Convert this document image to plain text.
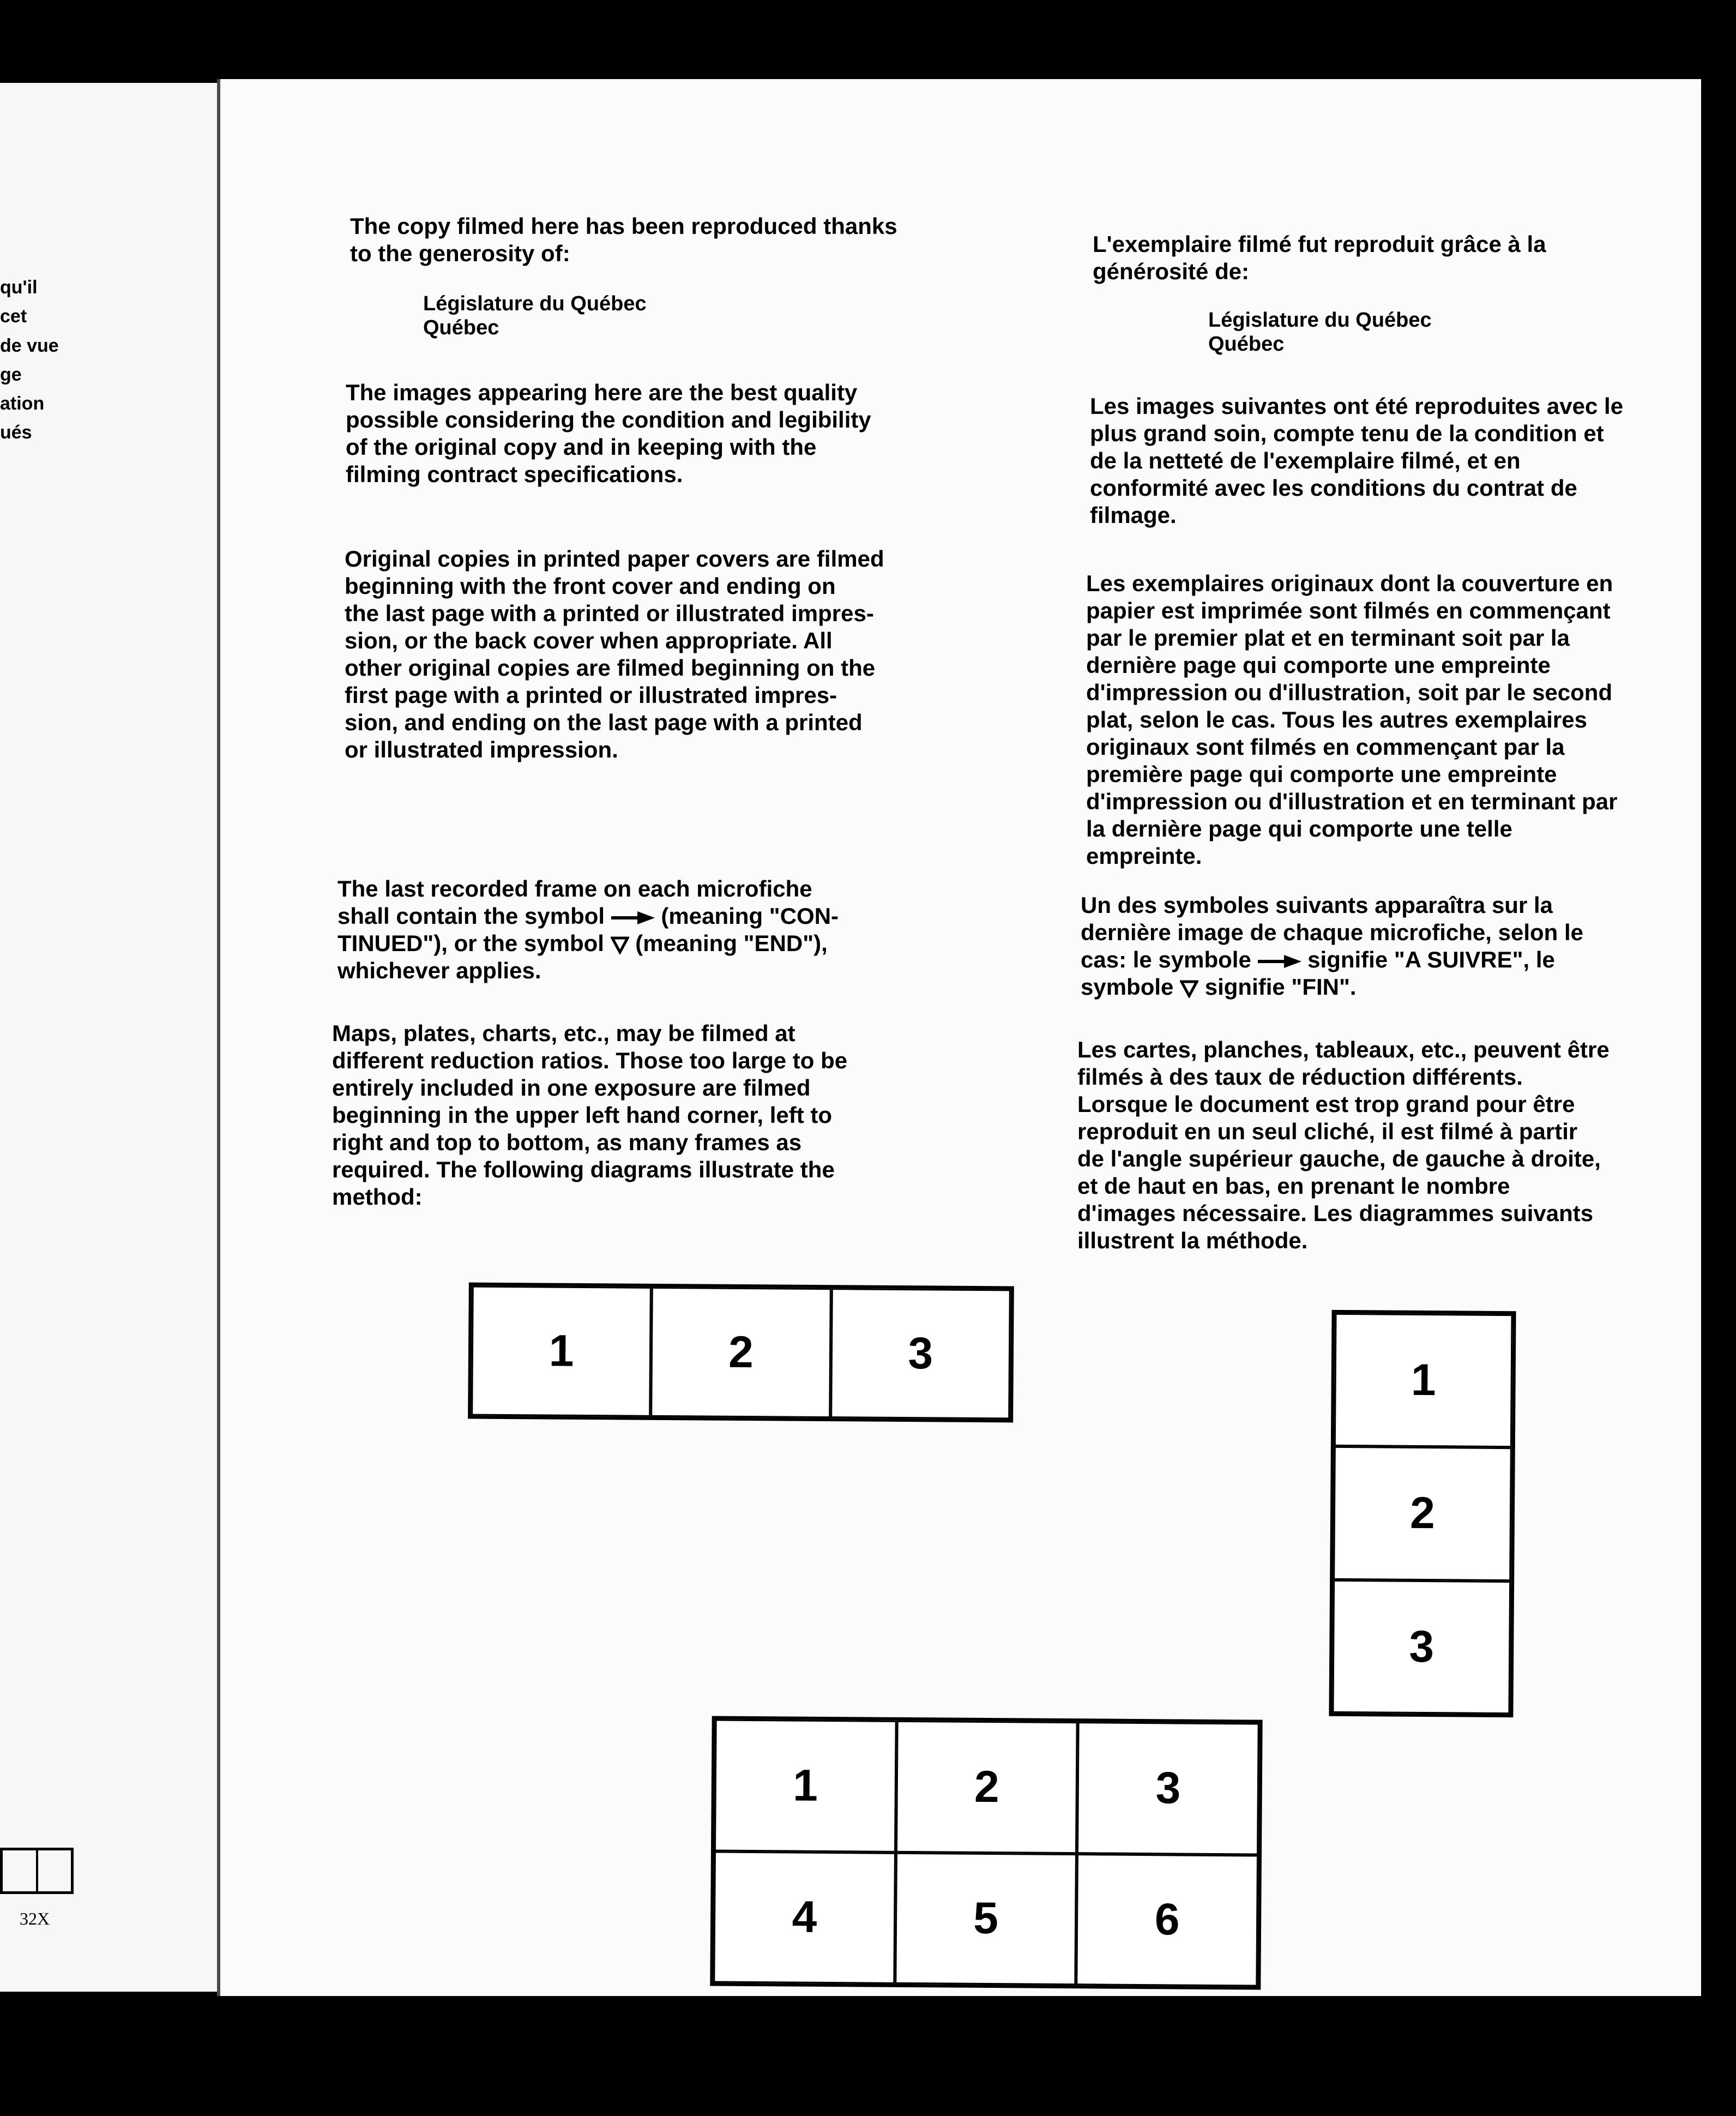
qu'il
cet
de vue
ge
ation
ués
32X

The copy filmed here has been reproduced thanks
to the generosity of:

Législature du Québec
Québec

The images appearing here are the best quality
possible considering the condition and legibility
of the original copy and in keeping with the
filming contract specifications.

Original copies in printed paper covers are filmed
beginning with the front cover and ending on
the last page with a printed or illustrated impres-
sion, or the back cover when appropriate. All
other original copies are filmed beginning on the
first page with a printed or illustrated impres-
sion, and ending on the last page with a printed
or illustrated impression.

The last recorded frame on each microfiche
shall contain the symbol  (meaning "CON-
TINUED"), or the symbol  (meaning "END"),
whichever applies.

Maps, plates, charts, etc., may be filmed at
different reduction ratios. Those too large to be
entirely included in one exposure are filmed
beginning in the upper left hand corner, left to
right and top to bottom, as many frames as
required. The following diagrams illustrate the
method:

L'exemplaire filmé fut reproduit grâce à la
générosité de:

Législature du Québec
Québec

Les images suivantes ont été reproduites avec le
plus grand soin, compte tenu de la condition et
de la netteté de l'exemplaire filmé, et en
conformité avec les conditions du contrat de
filmage.

Les exemplaires originaux dont la couverture en
papier est imprimée sont filmés en commençant
par le premier plat et en terminant soit par la
dernière page qui comporte une empreinte
d'impression ou d'illustration, soit par le second
plat, selon le cas. Tous les autres exemplaires
originaux sont filmés en commençant par la
première page qui comporte une empreinte
d'impression ou d'illustration et en terminant par
la dernière page qui comporte une telle
empreinte.

Un des symboles suivants apparaîtra sur la
dernière image de chaque microfiche, selon le
cas: le symbole  signifie "A SUIVRE", le
symbole  signifie "FIN".

Les cartes, planches, tableaux, etc., peuvent être
filmés à des taux de réduction différents.
Lorsque le document est trop grand pour être
reproduit en un seul cliché, il est filmé à partir
de l'angle supérieur gauche, de gauche à droite,
et de haut en bas, en prenant le nombre
d'images nécessaire. Les diagrammes suivants
illustrent la méthode.

1	2	3
1
2
3
1	2	3
4	5	6
